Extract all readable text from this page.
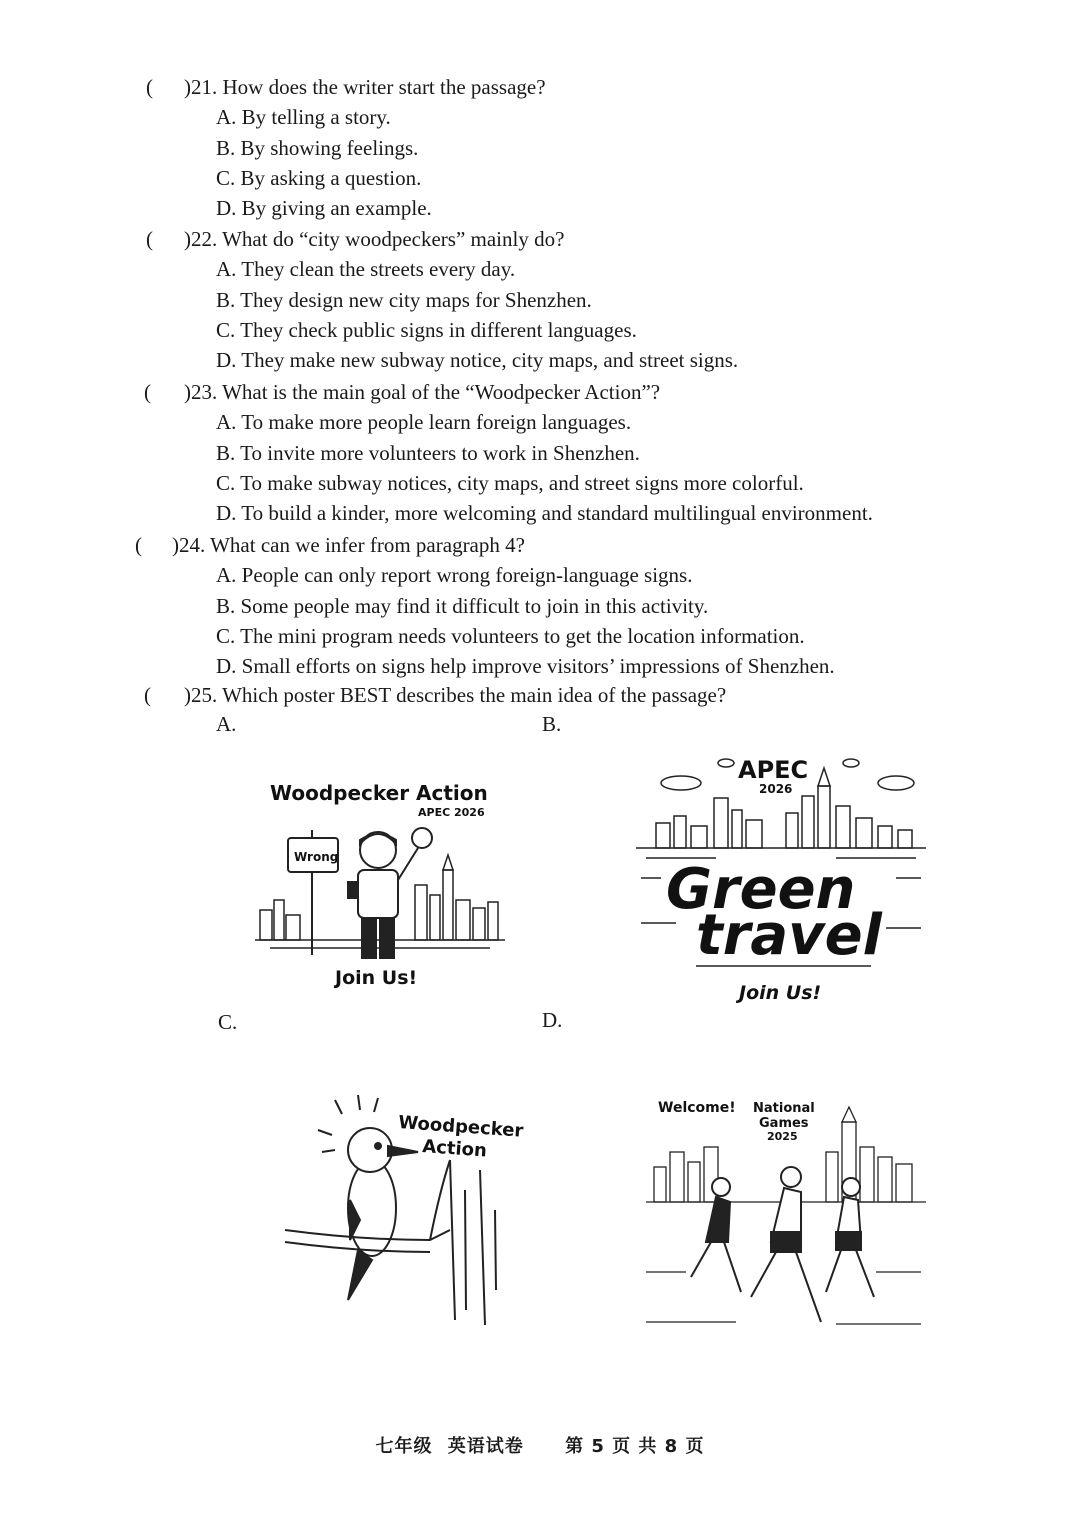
( )21. How does the writer start the passage?
A. By telling a story.
B. By showing feelings.
C. By asking a question.
D. By giving an example.
( )22. What do “city woodpeckers” mainly do?
A. They clean the streets every day.
B. They design new city maps for Shenzhen.
C. They check public signs in different languages.
D. They make new subway notice, city maps, and street signs.
( )23. What is the main goal of the “Woodpecker Action”?
A. To make more people learn foreign languages.
B. To invite more volunteers to work in Shenzhen.
C. To make subway notices, city maps, and street signs more colorful.
D. To build a kinder, more welcoming and standard multilingual environment.
( )24. What can we infer from paragraph 4?
A. People can only report wrong foreign-language signs.
B. Some people may find it difficult to join in this activity.
C. The mini program needs volunteers to get the location information.
D. Small efforts on signs help improve visitors’ impressions of Shenzhen.
( )25. Which poster BEST describes the main idea of the passage?
A.	B.
C.	D.
Woodpecker Action
APEC 2026
Wrong
Join Us!
APEC
2026
Green
travel
Join Us!
Woodpecker
Action
Welcome! National
Games
2025
七年级 英语试卷 第 5 页 共 8 页
